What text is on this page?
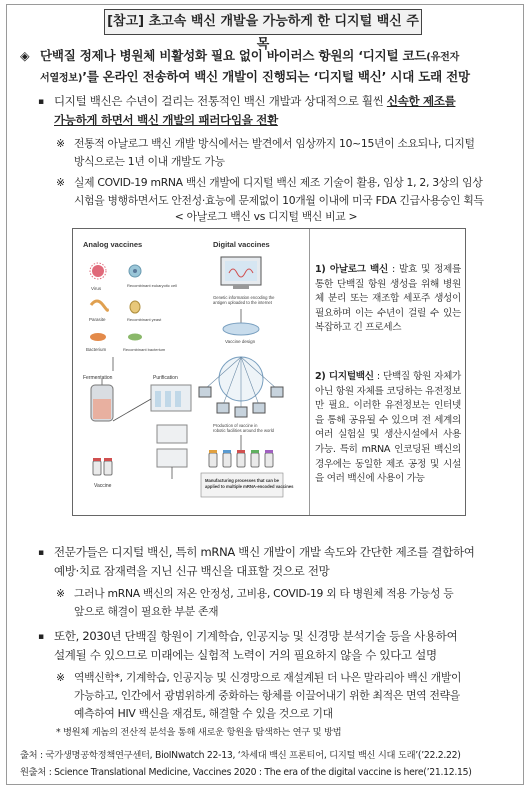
[참고] 초고속 백신 개발을 가능하게 한 디지털 백신 주목
◈ 단백질 정제나 병원체 비활성화 필요 없이 바이러스 항원의 ‘디지털 코드(유전자
서열정보)’를 온라인 전송하여 백신 개발이 진행되는 ‘디지털 백신’ 시대 도래 전망
▪ 디지털 백신은 수년이 걸리는 전통적인 백신 개발과 상대적으로 훨씬 신속한 제조를
가능하게 하면서 백신 개발의 패러다임을 전환
※ 전통적 아날로그 백신 개발 방식에서는 발견에서 임상까지 10~15년이 소요되나, 디지털
방식으로는 1년 이내 개발도 가능
※ 실제 COVID-19 mRNA 백신 개발에 디지털 백신 제조 기술이 활용, 임상 1, 2, 3상의 임상
시험을 병행하면서도 안전성·효능에 문제없이 10개월 이내에 미국 FDA 긴급사용승인 획득
< 아날로그 백신 vs 디지털 백신 비교 >
Analog vaccines
Virus
Parasite
Bacterium
Recombinant eukaryotic cell
Recombinant yeast
Recombinant bacterium
Fermentation	Purification
Vaccine
Digital vaccines
Genetic information encoding the antigen uploaded to the internet
Vaccine design
Production of vaccine in robotic facilities around the world
Manufacturing processes that can be applied to multiple mRNA-encoded vaccines

1) 아날로그 백신 : 발효 및 정제를 통한 단백질 항원 생성을 위해 병원체 분리 또는 재조합 세포주 생성이 필요하며 이는 수년이 걸릴 수 있는 복잡하고 긴 프로세스

2) 디지털백신 : 단백질 항원 자체가 아닌 항원 자체를 코딩하는 유전정보만 필요. 이러한 유전정보는 인터넷을 통해 공유될 수 있으며 전 세계의 여러 실험실 및 생산시설에서 사용 가능. 특히 mRNA 인코딩된 백신의 경우에는 동일한 제조 공정 및 시설을 여러 백신에 사용이 가능

▪ 전문가들은 디지털 백신, 특히 mRNA 백신 개발이 개발 속도와 간단한 제조를 결합하여
예방·치료 잠재력을 지닌 신규 백신을 대표할 것으로 전망
※ 그러나 mRNA 백신의 저온 안정성, 고비용, COVID-19 외 타 병원체 적용 가능성 등
앞으로 해결이 필요한 부분 존재
▪ 또한, 2030년 단백질 항원이 기계학습, 인공지능 및 신경망 분석기술 등을 사용하여
설계될 수 있으므로 미래에는 실험적 노력이 거의 필요하지 않을 수 있다고 설명
※ 역백신학*, 기계학습, 인공지능 및 신경망으로 재설계된 더 나은 말라리아 백신 개발이
가능하고, 인간에서 광범위하게 중화하는 항체를 이끌어내기 위한 최적은 면역 전략을
예측하여 HIV 백신을 재검토, 해결할 수 있을 것으로 기대
* 병원체 게놈의 전산적 분석을 통해 새로운 항원을 탐색하는 연구 및 방법
출처 : 국가생명공학정책연구센터, BioINwatch 22-13, ‘차세대 백신 프론티어, 디지털 백신 시대 도래’(’22.2.22)
원출처 : Science Translational Medicine, Vaccines 2020 : The era of the digital vaccine is here(’21.12.15)
